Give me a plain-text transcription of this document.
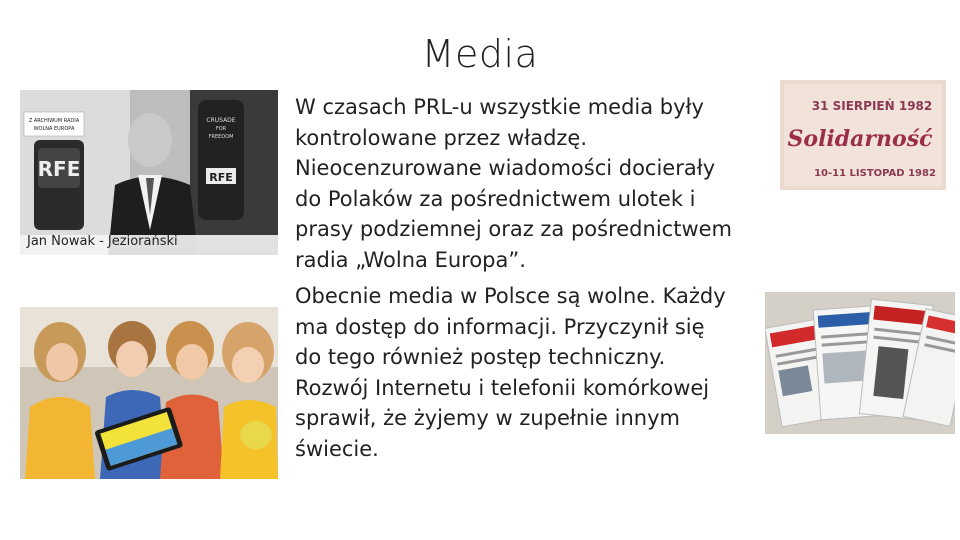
Media
Z ARCHIWUM RADIA
WOLNA EUROPA
RFE
CRUSADE
FOR
FREEDOM
RFE
Jan Nowak - Jeziorański

W czasach PRL-u wszystkie media były
kontrolowane przez władzę.
Nieocenzurowane wiadomości docierały
do Polaków za pośrednictwem ulotek i
prasy podziemnej oraz za pośrednictwem
radia „Wolna Europa”.

Obecnie media w Polsce są wolne. Każdy
ma dostęp do informacji. Przyczynił się
do tego również postęp techniczny.
Rozwój Internetu i telefonii komórkowej
sprawił, że żyjemy w zupełnie innym
świecie.

31 SIERPIEŃ 1982
Solidarność
10-11 LISTOPAD 1982
